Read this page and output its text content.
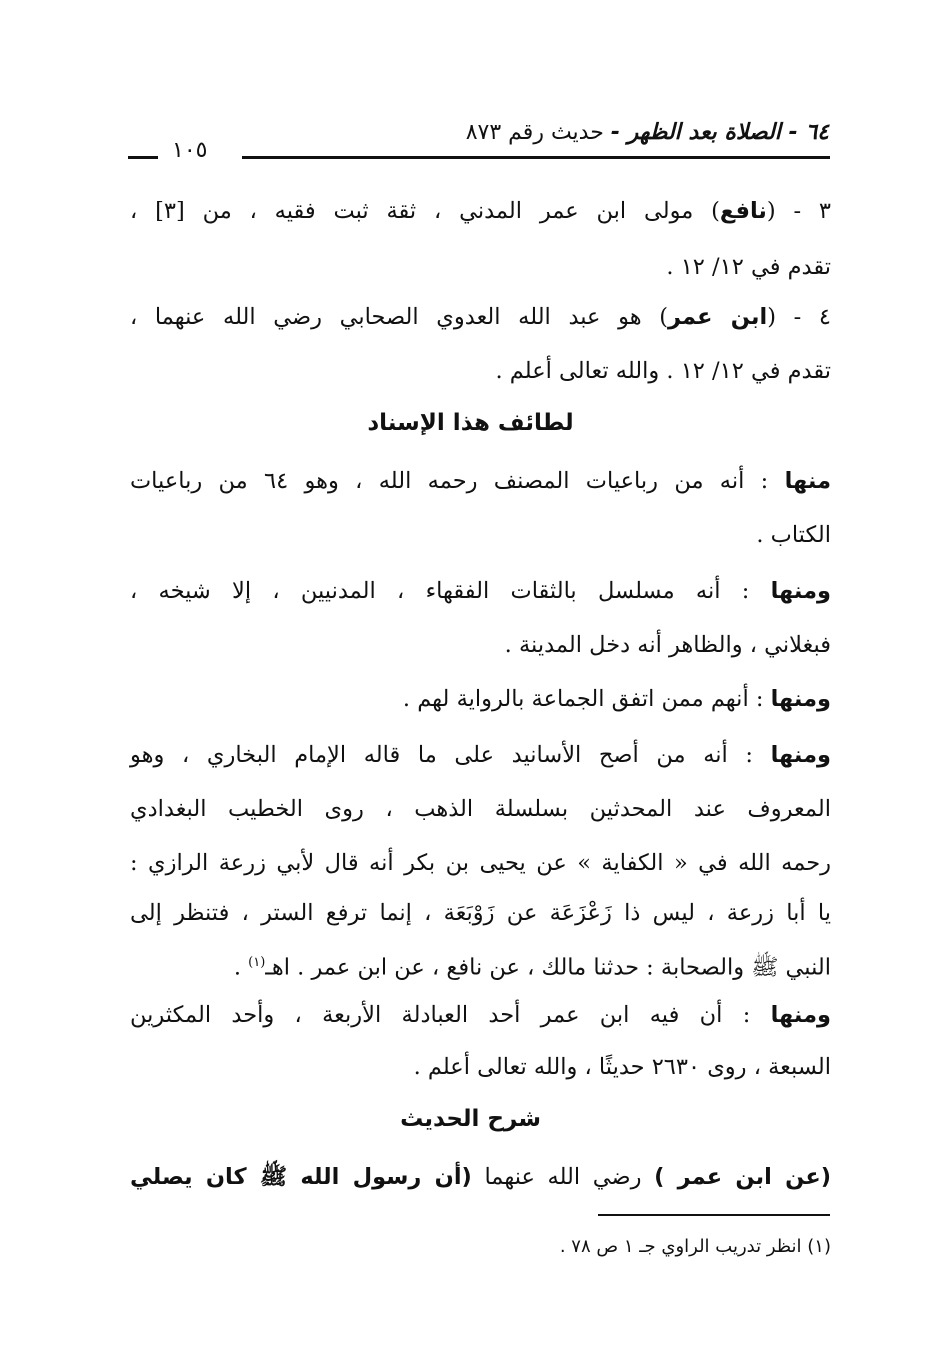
٦٤ - الصلاة بعد الظهر - حديث رقم ٨٧٣
١٠٥
٣ - (نافع) مولى ابن عمر المدني ، ثقة ثبت فقيه ، من [٣] ،
تقدم في ١٢/ ١٢ .
٤ - (ابن عمر) هو عبد الله العدوي الصحابي رضي الله عنهما ،
تقدم في ١٢/ ١٢ . والله تعالى أعلم .
لطائف هذا الإسناد
منها : أنه من رباعيات المصنف رحمه الله ، وهو ٦٤ من رباعيات
الكتاب .
ومنها : أنه مسلسل بالثقات الفقهاء ، المدنيين ، إلا شيخه ،
فبغلاني ، والظاهر أنه دخل المدينة .
ومنها : أنهم ممن اتفق الجماعة بالرواية لهم .
ومنها : أنه من أصح الأسانيد على ما قاله الإمام البخاري ، وهو
المعروف عند المحدثين بسلسلة الذهب ، روى الخطيب البغدادي
رحمه الله في « الكفاية » عن يحيى بن بكر أنه قال لأبي زرعة الرازي :
يا أبا زرعة ، ليس ذا زَعْزَعَة عن زَوْبَعَة ، إنما ترفع الستر ، فتنظر إلى
النبي ﷺ والصحابة : حدثنا مالك ، عن نافع ، عن ابن عمر . اهـ$^{(١)}$ .
ومنها : أن فيه ابن عمر أحد العبادلة الأربعة ، وأحد المكثرين
السبعة ، روى ٢٦٣٠ حديثًا ، والله تعالى أعلم .
شرح الحديث
(عن ابن عمر ) رضي الله عنهما (أن رسول الله ﷺ كان يصلي
(١) انظر تدريب الراوي جـ ١ ص ٧٨ .
